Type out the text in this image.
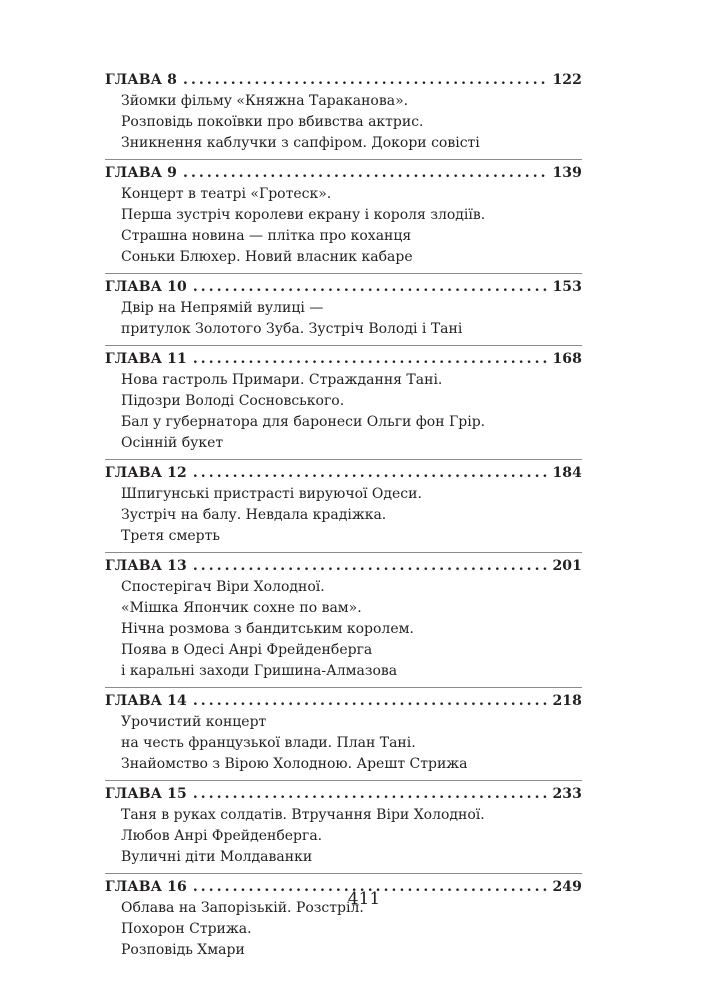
ГЛАВА 8 . . .	122
Зйомки фільму «Княжна Тараканова».
Розповідь покоївки про вбивства актрис.
Зникнення каблучки з сапфіром. Докори совісті
ГЛАВА 9 . . .	139
Концерт в театрі «Гротеск».
Перша зустріч королеви екрану і короля злодіїв.
Страшна новина — плітка про коханця
Соньки Блюхер. Новий власник кабаре
ГЛАВА 10 . . .	153
Двір на Непрямій вулиці —
притулок Золотого Зуба. Зустріч Володі і Тані
ГЛАВА 11 . . .	168
Нова гастроль Примари. Страждання Тані.
Підозри Володі Сосновського.
Бал у губернатора для баронеси Ольги фон Гріp.
Осінній букет
ГЛАВА 12 . . .	184
Шпигунські пристрасті вируючої Одеси.
Зустріч на балу. Невдала крадіжка.
Третя смерть
ГЛАВА 13 . . .	201
Спостерігач Віри Холодної.
«Мішка Япончик сохне по вам».
Нічна розмова з бандитським королем.
Поява в Одесі Анрі Фрейденберга
і каральні заходи Гришина-Алмазова
ГЛАВА 14 . . .	218
Урочистий концерт
на честь французької влади. План Тані.
Знайомство з Вірою Холодною. Арешт Стрижа
ГЛАВА 15 . . .	233
Таня в руках солдатів. Втручання Віри Холодної.
Любов Анрі Фрейденберга.
Вуличні діти Молдаванки
ГЛАВА 16 . . .	249
Облава на Запорізькій. Розстріл.
Похорон Стрижа.
Розповідь Хмари
411
